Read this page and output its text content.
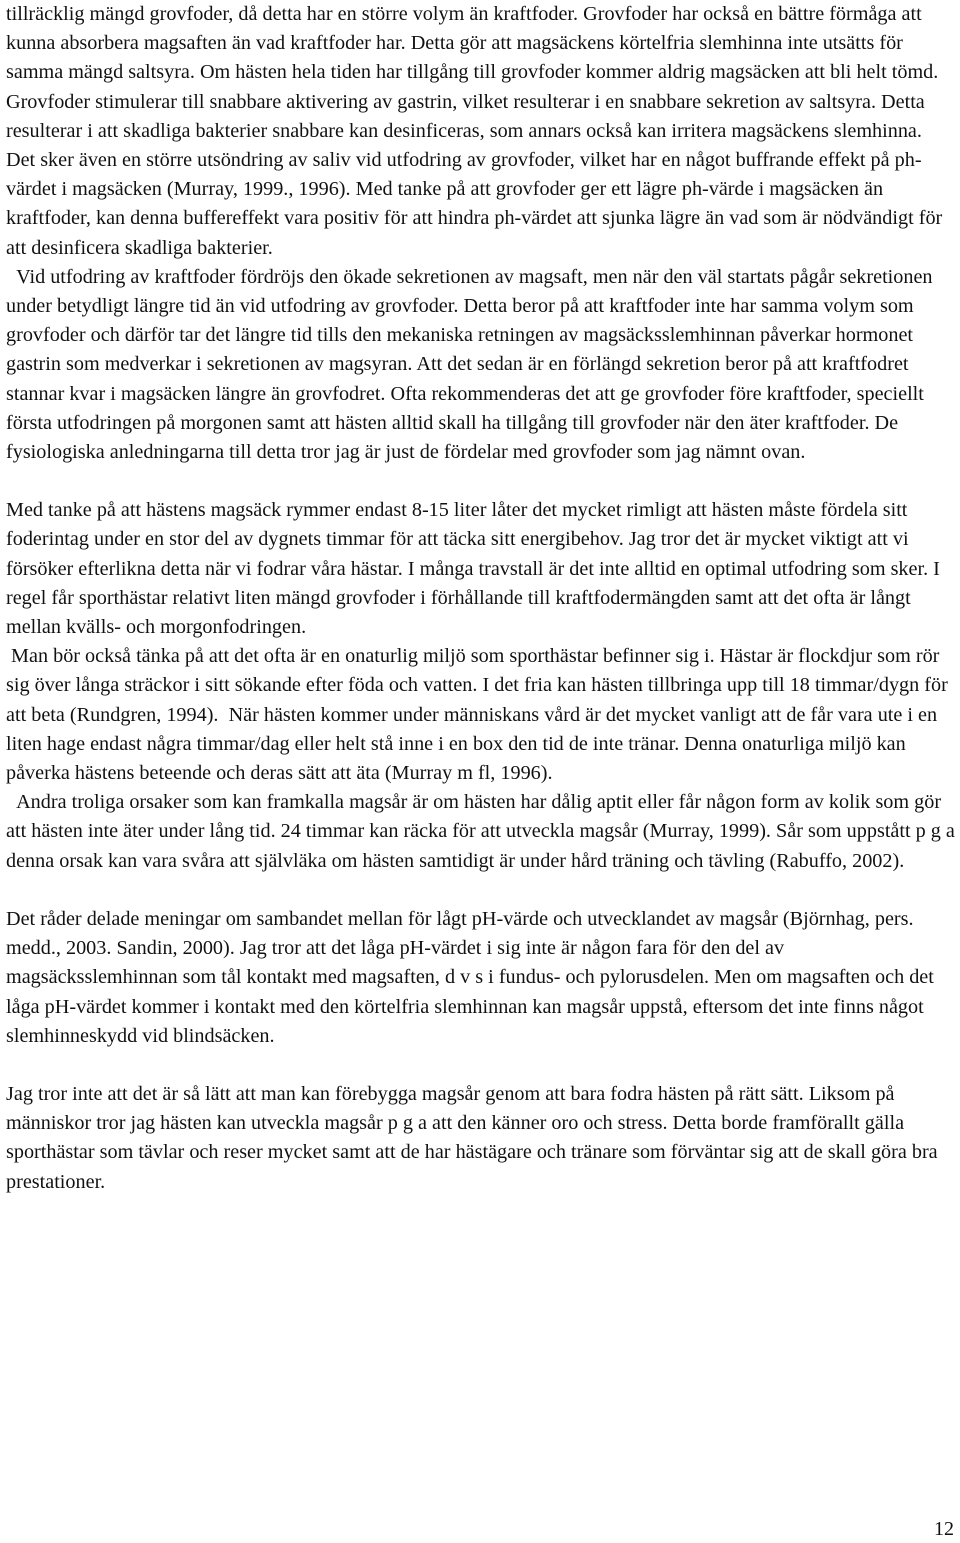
tillräcklig mängd grovfoder, då detta har en större volym än kraftfoder. Grovfoder har också en bättre förmåga att kunna absorbera magsaften än vad kraftfoder har. Detta gör att magsäckens körtelfria slemhinna inte utsätts för samma mängd saltsyra. Om hästen hela tiden har tillgång till grovfoder kommer aldrig magsäcken att bli helt tömd. Grovfoder stimulerar till snabbare aktivering av gastrin, vilket resulterar i en snabbare sekretion av saltsyra. Detta resulterar i att skadliga bakterier snabbare kan desinficeras, som annars också kan irritera magsäckens slemhinna. Det sker även en större utsöndring av saliv vid utfodring av grovfoder, vilket har en något buffrande effekt på ph-värdet i magsäcken (Murray, 1999., 1996). Med tanke på att grovfoder ger ett lägre ph-värde i magsäcken än kraftfoder, kan denna buffereffekt vara positiv för att hindra ph-värdet att sjunka lägre än vad som är nödvändigt för att desinficera skadliga bakterier.

Vid utfodring av kraftfoder fördröjs den ökade sekretionen av magsaft, men när den väl startats pågår sekretionen under betydligt längre tid än vid utfodring av grovfoder. Detta beror på att kraftfoder inte har samma volym som grovfoder och därför tar det längre tid tills den mekaniska retningen av magsäcksslemhinnan påverkar hormonet gastrin som medverkar i sekretionen av magsyran. Att det sedan är en förlängd sekretion beror på att kraftfodret stannar kvar i magsäcken längre än grovfodret. Ofta rekommenderas det att ge grovfoder före kraftfoder, speciellt första utfodringen på morgonen samt att hästen alltid skall ha tillgång till grovfoder när den äter kraftfoder. De fysiologiska anledningarna till detta tror jag är just de fördelar med grovfoder som jag nämnt ovan.

Med tanke på att hästens magsäck rymmer endast 8-15 liter låter det mycket rimligt att hästen måste fördela sitt foderintag under en stor del av dygnets timmar för att täcka sitt energibehov. Jag tror det är mycket viktigt att vi försöker efterlikna detta när vi fodrar våra hästar. I många travstall är det inte alltid en optimal utfodring som sker. I regel får sporthästar relativt liten mängd grovfoder i förhållande till kraftfodermängden samt att det ofta är långt mellan kvälls- och morgonfodringen.

Man bör också tänka på att det ofta är en onaturlig miljö som sporthästar befinner sig i. Hästar är flockdjur som rör sig över långa sträckor i sitt sökande efter föda och vatten. I det fria kan hästen tillbringa upp till 18 timmar/dygn för att beta (Rundgren, 1994).  När hästen kommer under människans vård är det mycket vanligt att de får vara ute i en liten hage endast några timmar/dag eller helt stå inne i en box den tid de inte tränar. Denna onaturliga miljö kan påverka hästens beteende och deras sätt att äta (Murray m fl, 1996).

Andra troliga orsaker som kan framkalla magsår är om hästen har dålig aptit eller får någon form av kolik som gör att hästen inte äter under lång tid. 24 timmar kan räcka för att utveckla magsår (Murray, 1999). Sår som uppstått p g a denna orsak kan vara svåra att självläka om hästen samtidigt är under hård träning och tävling (Rabuffo, 2002).

Det råder delade meningar om sambandet mellan för lågt pH-värde och utvecklandet av magsår (Björnhag, pers. medd., 2003. Sandin, 2000). Jag tror att det låga pH-värdet i sig inte är någon fara för den del av magsäcksslemhinnan som tål kontakt med magsaften, d v s i fundus- och pylorusdelen. Men om magsaften och det låga pH-värdet kommer i kontakt med den körtelfria slemhinnan kan magsår uppstå, eftersom det inte finns något slemhinneskydd vid blindsäcken.

Jag tror inte att det är så lätt att man kan förebygga magsår genom att bara fodra hästen på rätt sätt. Liksom på människor tror jag hästen kan utveckla magsår p g a att den känner oro och stress. Detta borde framförallt gälla sporthästar som tävlar och reser mycket samt att de har hästägare och tränare som förväntar sig att de skall göra bra prestationer.

12
